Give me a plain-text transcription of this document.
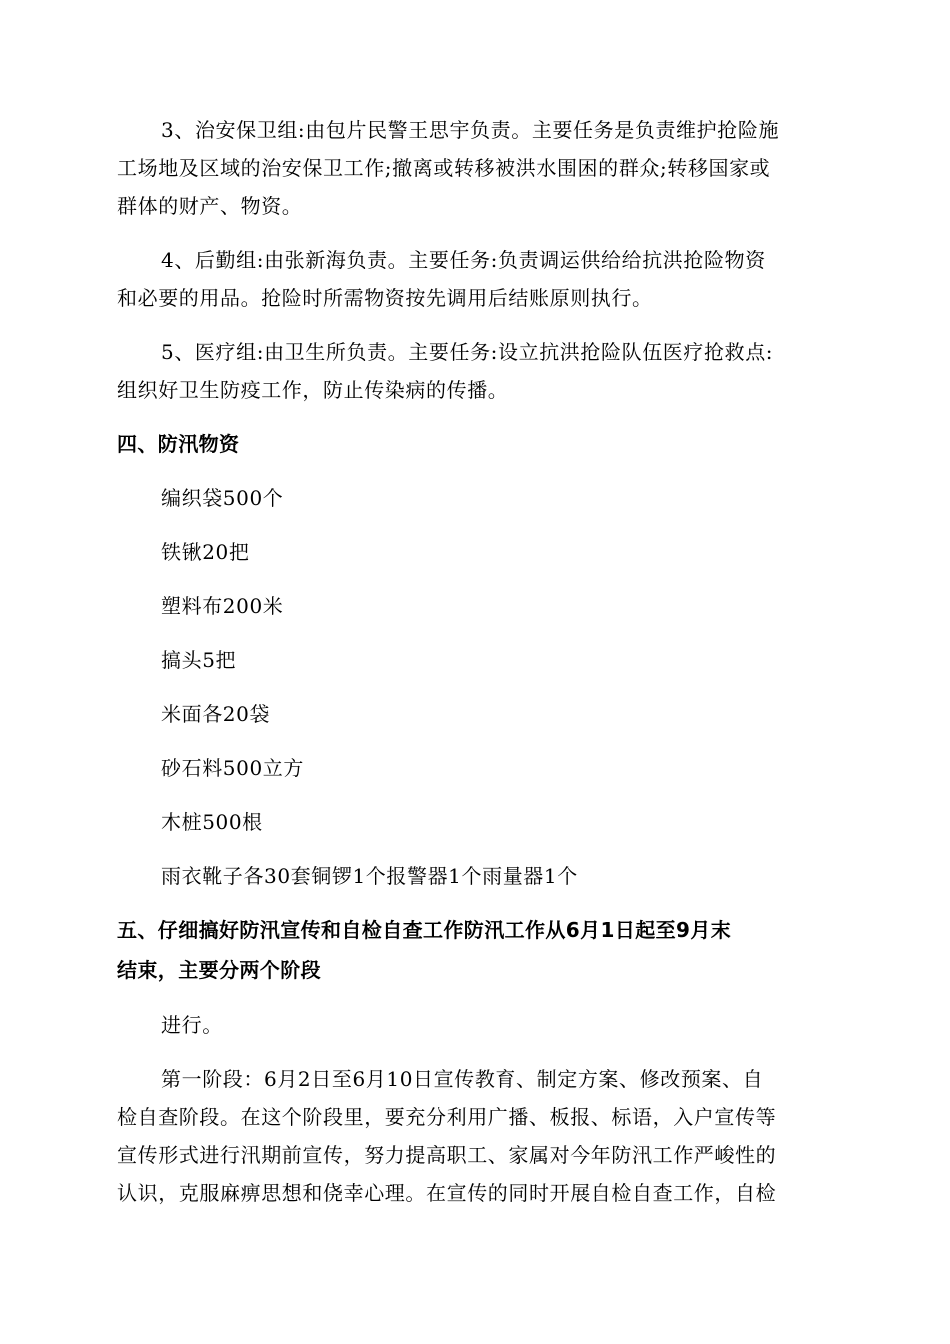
3、治安保卫组:由包片民警王思宇负责。主要任务是负责维护抢险施
工场地及区域的治安保卫工作;撤离或转移被洪水围困的群众;转移国家或
群体的财产、物资。
4、后勤组:由张新海负责。主要任务:负责调运供给给抗洪抢险物资
和必要的用品。抢险时所需物资按先调用后结账原则执行。
5、医疗组:由卫生所负责。主要任务:设立抗洪抢险队伍医疗抢救点:
组织好卫生防疫工作，防止传染病的传播。
四、防汛物资
编织袋500个
铁锹20把
塑料布200米
搞头5把
米面各20袋
砂石料500立方
木桩500根
雨衣靴子各30套铜锣1个报警器1个雨量器1个
五、仔细搞好防汛宣传和自检自查工作防汛工作从6月1日起至9月末
结束，主要分两个阶段
进行。
第一阶段：6月2日至6月10日宣传教育、制定方案、修改预案、自
检自查阶段。在这个阶段里，要充分利用广播、板报、标语，入户宣传等
宣传形式进行汛期前宣传，努力提高职工、家属对今年防汛工作严峻性的
认识，克服麻痹思想和侥幸心理。在宣传的同时开展自检自查工作，自检
